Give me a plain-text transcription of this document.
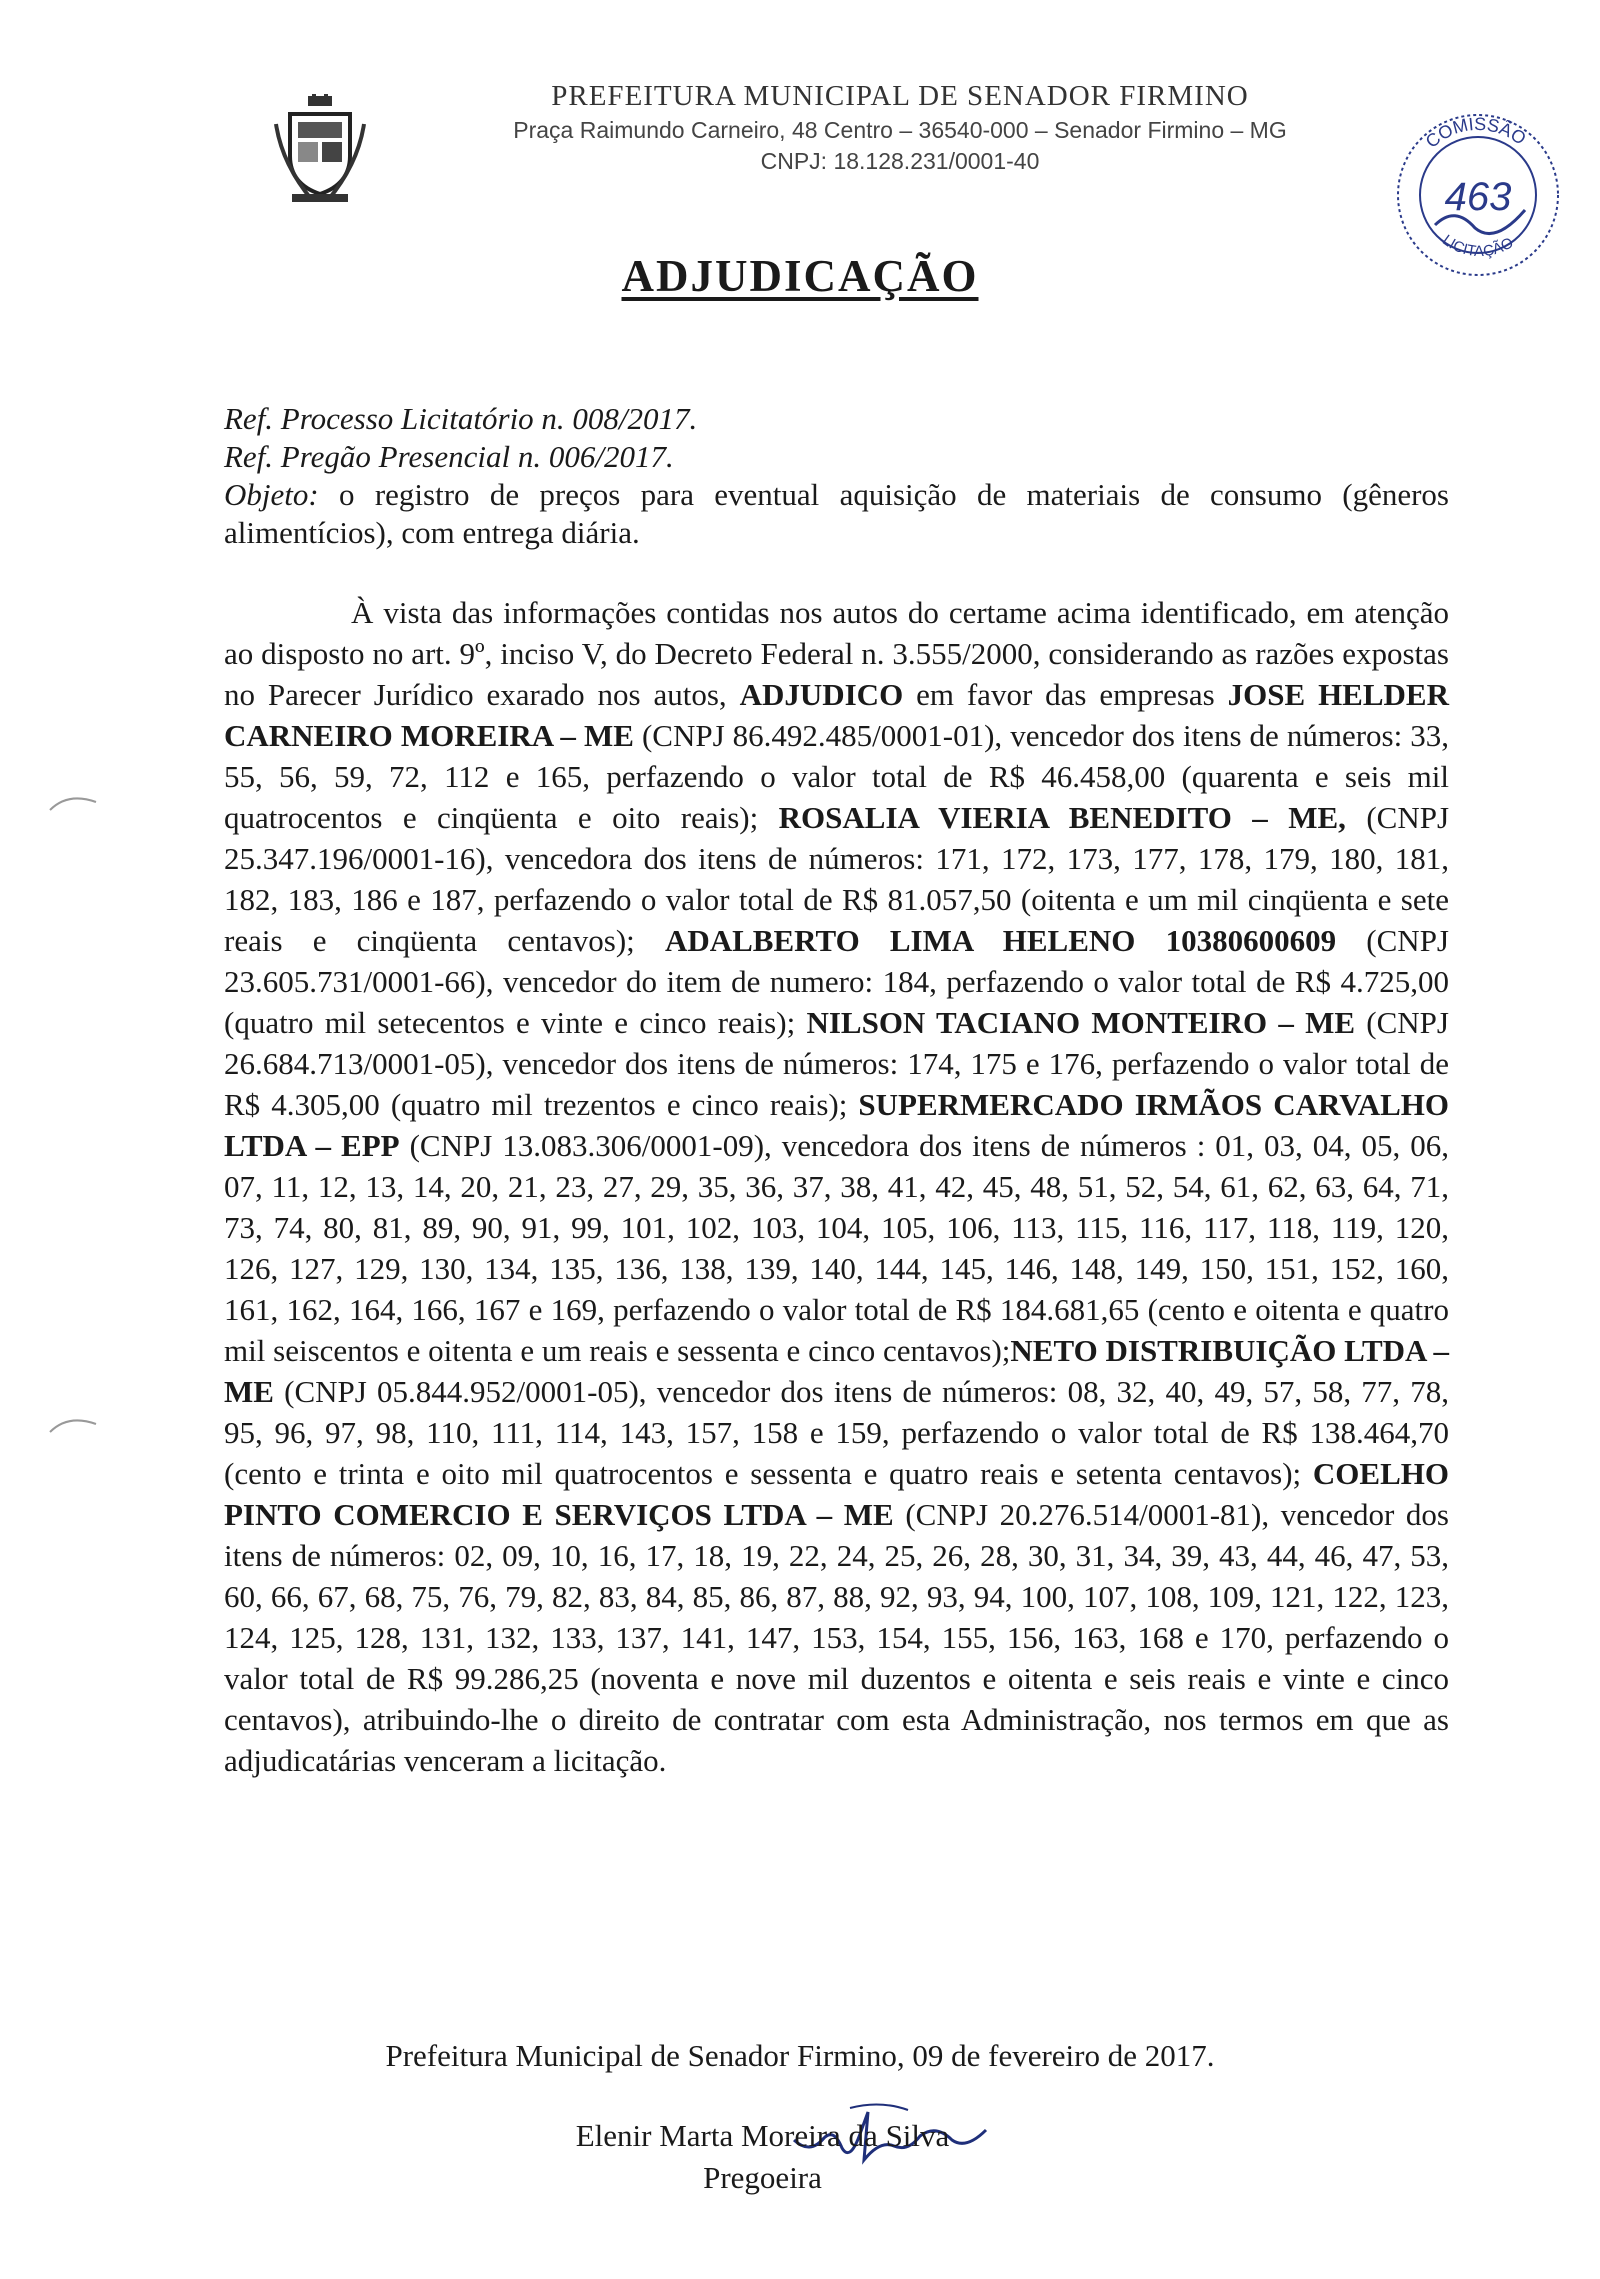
PREFEITURA MUNICIPAL DE SENADOR FIRMINO
Praça Raimundo Carneiro, 48 Centro – 36540-000 – Senador Firmino – MG
CNPJ: 18.128.231/0001-40
COMISSÃO
LICITAÇÃO
463
ADJUDICAÇÃO

Ref. Processo Licitatório n. 008/2017.

Ref. Pregão Presencial n. 006/2017.

Objeto: o registro de preços para eventual aquisição de materiais de consumo (gêneros alimentícios), com entrega diária.

À vista das informações contidas nos autos do certame acima identificado, em atenção ao disposto no art. 9º, inciso V, do Decreto Federal n. 3.555/2000, considerando as razões expostas no Parecer Jurídico exarado nos autos, ADJUDICO em favor das empresas JOSE HELDER CARNEIRO MOREIRA – ME (CNPJ 86.492.485/0001-01), vencedor dos itens de números: 33, 55, 56, 59, 72, 112 e 165, perfazendo o valor total de R$ 46.458,00 (quarenta e seis mil quatrocentos e cinqüenta e oito reais); ROSALIA VIERIA BENEDITO – ME, (CNPJ 25.347.196/0001-16), vencedora dos itens de números: 171, 172, 173, 177, 178, 179, 180, 181, 182, 183, 186 e 187, perfazendo o valor total de R$ 81.057,50 (oitenta e um mil cinqüenta e sete reais e cinqüenta centavos); ADALBERTO LIMA HELENO 10380600609 (CNPJ 23.605.731/0001-66), vencedor do item de numero: 184, perfazendo o valor total de R$ 4.725,00 (quatro mil setecentos e vinte e cinco reais); NILSON TACIANO MONTEIRO – ME (CNPJ 26.684.713/0001-05), vencedor dos itens de números: 174, 175 e 176, perfazendo o valor total de R$ 4.305,00 (quatro mil trezentos e cinco reais); SUPERMERCADO IRMÃOS CARVALHO LTDA – EPP (CNPJ 13.083.306/0001-09), vencedora dos itens de números : 01, 03, 04, 05, 06, 07, 11, 12, 13, 14, 20, 21, 23, 27, 29, 35, 36, 37, 38, 41, 42, 45, 48, 51, 52, 54, 61, 62, 63, 64, 71, 73, 74, 80, 81, 89, 90, 91, 99, 101, 102, 103, 104, 105, 106, 113, 115, 116, 117, 118, 119, 120, 126, 127, 129, 130, 134, 135, 136, 138, 139, 140, 144, 145, 146, 148, 149, 150, 151, 152, 160, 161, 162, 164, 166, 167 e 169, perfazendo o valor total de R$ 184.681,65 (cento e oitenta e quatro mil seiscentos e oitenta e um reais e sessenta e cinco centavos);NETO DISTRIBUIÇÃO LTDA – ME (CNPJ 05.844.952/0001-05), vencedor dos itens de números: 08, 32, 40, 49, 57, 58, 77, 78, 95, 96, 97, 98, 110, 111, 114, 143, 157, 158 e 159, perfazendo o valor total de R$ 138.464,70 (cento e trinta e oito mil quatrocentos e sessenta e quatro reais e setenta centavos); COELHO PINTO COMERCIO E SERVIÇOS LTDA – ME (CNPJ 20.276.514/0001-81), vencedor dos itens de números: 02, 09, 10, 16, 17, 18, 19, 22, 24, 25, 26, 28, 30, 31, 34, 39, 43, 44, 46, 47, 53, 60, 66, 67, 68, 75, 76, 79, 82, 83, 84, 85, 86, 87, 88, 92, 93, 94, 100, 107, 108, 109, 121, 122, 123, 124, 125, 128, 131, 132, 133, 137, 141, 147, 153, 154, 155, 156, 163, 168 e 170, perfazendo o valor total de R$ 99.286,25 (noventa e nove mil duzentos e oitenta e seis reais e vinte e cinco centavos), atribuindo-lhe o direito de contratar com esta Administração, nos termos em que as adjudicatárias venceram a licitação.
Prefeitura Municipal de Senador Firmino, 09 de fevereiro de 2017.
Elenir Marta Moreira da Silva
Pregoeira
